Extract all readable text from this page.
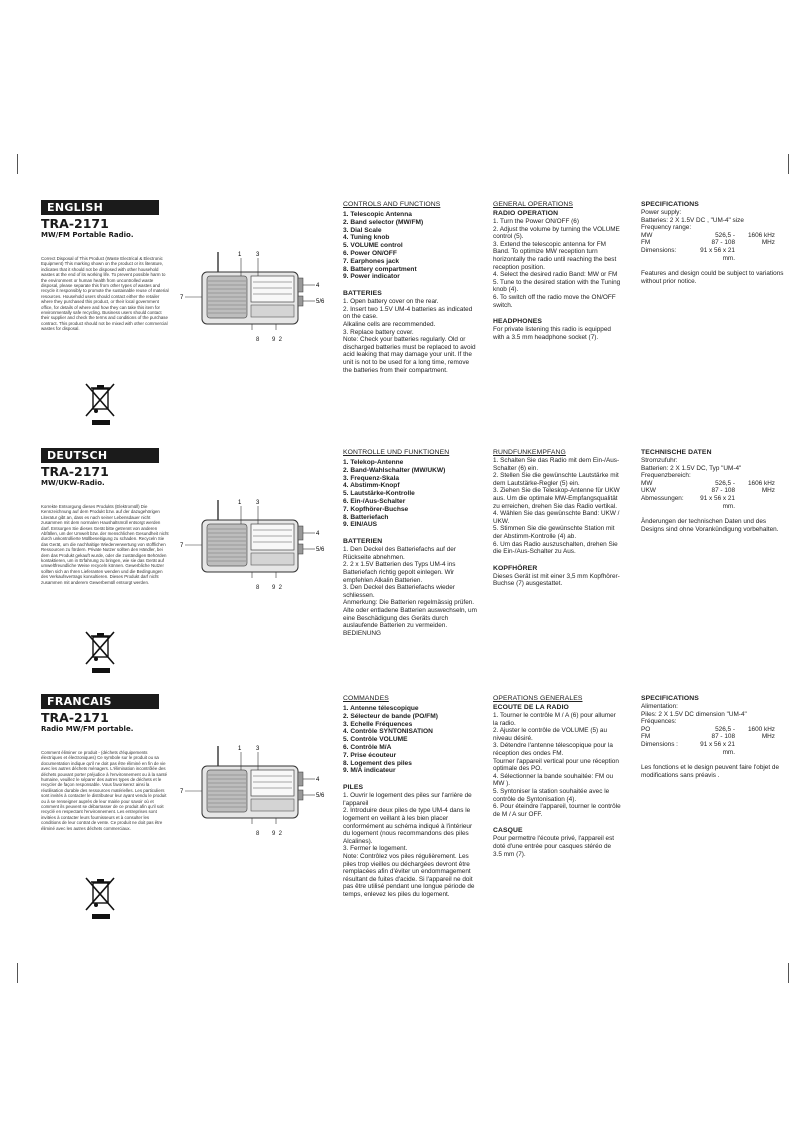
ENGLISH
TRA-2171
MW/FM Portable Radio.
Correct Disposal of This Product (Waste Electrical & Electronic Equipment) This marking shown on the product or its literature, indicates that it should not be disposed with other household wastes at the end of its working life. To prevent possible harm to the environment or human health from uncontrolled waste disposal, please separate this from other types of wastes and recycle it responsibly to promote the sustainable reuse of material resources. Household users should contact either the retailer where they purchased this product, or their local government office, for details of where and how they can take this item for environmentally safe recycling. Business users should contact their supplier and check the terms and conditions of the purchase contract. This product should not be mixed with other commercial wastes for disposal.
1 3
7
4
5/6
8 9  2
CONTROLS AND FUNCTIONS
1. Telescopic Antenna
2. Band selector (MW/FM)
3. Dial Scale
4. Tuning knob
5. VOLUME control
6. Power ON/OFF
7. Earphones jack
8. Battery compartment
9. Power indicator
BATTERIES

1. Open battery cover on the rear.

2. Insert two 1.5V UM-4 batteries as indicated on the case.

Alkaline cells are recommended.

3. Replace battery cover.

Note: Check your batteries regularly. Old or discharged batteries must be replaced to avoid acid leaking that may damage your unit. If the unit is not to be used for a long time, remove the batteries from their compartment.

GENERAL OPERATIONS
RADIO OPERATION

1. Turn the Power ON/OFF (6)

2. Adjust the volume by turning the VOLUME control (5).

3. Extend the telescopic antenna for FM Band. To optimize MW reception turn horizontally the radio until reaching the best reception position.

4. Select the desired radio Band: MW or FM

5. Tune to the desired station with the Tuning knob (4).

6. To switch off the radio move the ON/OFF switch.

HEADPHONES

For private listening this radio is equipped with a 3.5 mm headphone socket (7).

SPECIFICATIONS

Power supply:

Batteries: 2 X 1.5V DC , "UM-4" size

Frequency range:
MW	526,5 -	1606 kHz
FM	87 - 108	MHz
Dimensions:	91 x 56 x 21 mm.

Features and design could be subject to variations without prior notice.

DEUTSCH
TRA-2171
MW/UKW-Radio.
Korrekte Entsorgung dieses Produkts (Elektromüll) Die Kennzeichnung auf dem Produkt bzw. auf der dazugehörigen Literatur gibt an, dass es nach seiner Lebensdauer nicht zusammen mit dem normalen Haushaltsmüll entsorgt werden darf. Entsorgen Sie dieses Gerät bitte getrennt von anderen Abfällen, um der Umwelt bzw. der menschlichen Gesundheit nicht durch unkontrollierte Müllbeseitigung zu schaden. Recyceln Sie das Gerät, um die nachhaltige Wiederverwertung von stofflichen Ressourcen zu fördern. Private Nutzer sollten den Händler, bei dem das Produkt gekauft wurde, oder die zuständigen Behörden kontaktieren, um in Erfahrung zu bringen, wie sie das Gerät auf umweltfreundliche Weise recyceln können. Gewerbliche Nutzer sollten sich an Ihren Lieferanten wenden und die Bedingungen des Verkaufsvertrags konsultieren. Dieses Produkt darf nicht zusammen mit anderem Gewerbemüll entsorgt werden.
1 3
7
4
5/6
8 9  2
KONTROLLE UND FUNKTIONEN
1. Telekop-Antenne
2. Band-Wahlschalter (MW/UKW)
3. Frequenz-Skala
4. Abstimm-Knopf
5. Lautstärke-Kontrolle
6. Ein-/Aus-Schalter
7. Kopfhörer-Buchse
8. Batteriefach
9. EIN/AUS
BATTERIEN

1. Den Deckel des Batteriefachs auf der Rückseite abnehmen.

2. 2 x 1.5V Batterien des Typs UM-4 ins Batteriefach richtig gepolt einlegen. Wir empfehlen Alkalin Batterien.

3. Den Deckel des Batteriefachs wieder schliessen.

Anmerkung: Die Batterien regelmässig prüfen. Alte oder entladene Batterien auswechseln, um eine Beschädigung des Geräts durch auslaufende Batterien zu vermeiden.

BEDIENUNG

RUNDFUNKEMPFANG

1. Schalten Sie das Radio mit dem Ein-/Aus-Schalter (6) ein.

2. Stellen Sie die gewünschte Lautstärke mit dem Lautstärke-Regler (5) ein.

3. Ziehen Sie die Teleskop-Antenne für UKW aus. Um die optimale MW-Empfangsqualität zu erreichen, drehen Sie das Radio vertikal.

4. Wählen Sie das gewünschte Band: UKW / UKW.

5. Stimmen Sie die gewünschte Station mit der Abstimm-Kontrolle (4) ab.

6. Um das Radio auszuschalten, drehen Sie die Ein-/Aus-Schalter zu Aus.

KOPFHÖRER

Dieses Gerät ist mit einer 3,5 mm Kopfhörer-Buchse (7) ausgestattet.

TECHNISCHE DATEN

Stromzufuhr:

Batterien: 2 X 1.5V DC, Typ "UM-4"

Frequenzbereich:

MW	526,5 -	1606 kHz
UKW	87 - 108	MHz
Abmessungen:	91 x 56 x 21 mm.

Änderungen der technischen Daten und des Designs sind ohne Vorankündigung vorbehalten.

FRANCAIS
TRA-2171
Radio MW/FM portable.
Comment éliminer ce produit - (déchets d'équipements électriques et électroniques) Ce symbole sur le produit ou sa documentation indique qu'il ne doit pas être éliminé en fin de vie avec les autres déchets ménagers. L'élimination incontrôlée des déchets pouvant porter préjudice à l'environnement ou à la santé humaine, veuillez le séparer des autres types de déchets et le recycler de façon responsable. Vous favoriserez ainsi la réutilisation durable des ressources matérielles. Les particuliers sont invités à contacter le distributeur leur ayant vendu le produit ou à se renseigner auprès de leur mairie pour savoir où et comment ils peuvent se débarrasser de ce produit afin qu'il soit recyclé en respectant l'environnement. Les entreprises sont invitées à contacter leurs fournisseurs et à consulter les conditions de leur contrat de vente. Ce produit ne doit pas être éliminé avec les autres déchets commerciaux.
1 3
7
4
5/6
8 9  2
COMMANDES
1. Antenne télescopique
2. Sélecteur de bande (PO/FM)
3. Echelle Fréquences
4. Contrôle SYNTONISATION
5. Contrôle VOLUME
6. Contrôle M/A
7. Prise écouteur
8. Logement des piles
9. M/A indicateur
PILES

1. Ouvrir le logement des piles sur l'arrière de l'appareil

2. Introduire deux piles de type UM-4 dans le logement en veillant à les bien placer conformément au schéma indiqué à l'intérieur du logement (nous recommandons des piles Alcalines).

3. Fermer le logement.

Note: Contrôlez vos piles régulièrement. Les piles trop vieilles ou déchargées devront être remplacées afin d'éviter un endommagement résultant de fuites d'acide. Si l'appareil ne doit pas être utilisé pendant une longue période de temps, enlevez les piles du logement.

OPERATIONS GENERALES
ECOUTE DE LA RADIO

1. Tourner le contrôle M / A (6) pour allumer la radio.

2. Ajuster le contrôle de VOLUME (5) au niveau désiré.

3. Détendre l'antenne télescopique pour la réception des ondes FM.

Tourner l'appareil vertical pour une réception optimale des PO.

4. Sélectionner la bande souhaitée: FM ou MW ).

5. Syntoniser la station souhaitée avec le contrôle de Syntonisation (4).

6. Pour éteindre l'appareil, tourner le contrôle de M / A sur OFF.

CASQUE

Pour permettre l'écoute privé, l'appareil est doté d'une entrée pour casques stéréo de 3.5 mm (7).

SPECIFICATIONS

Alimentation:

Piles: 2 X 1.5V DC dimension "UM-4"

Fréquences:

PO	526,5 -	1600 kHz
FM	87 - 108	MHz
Dimensions :	91 x 56 x 21 mm.

Les fonctions et le design peuvent faire l'objet de modifications sans préavis .
